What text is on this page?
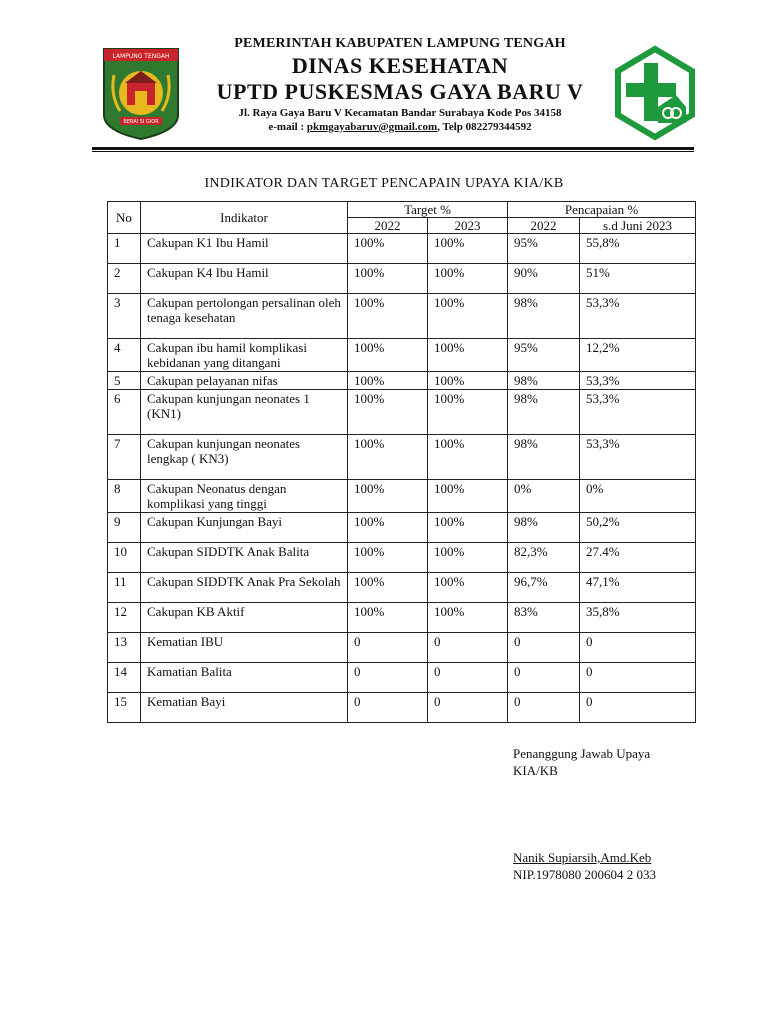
LAMPUNG TENGAH
BERAI SI GIOR
PEMERINTAH KABUPATEN LAMPUNG TENGAH
DINAS KESEHATAN
UPTD PUSKESMAS GAYA BARU V
Jl. Raya Gaya Baru V Kecamatan Bandar Surabaya Kode Pos 34158
e-mail : pkmgayabaruv@gmail.com, Telp 082279344592
INDIKATOR DAN TARGET PENCAPAIN UPAYA KIA/KB
No	Indikator	Target %		Pencapaian %	
		2022	2023	2022	s.d Juni 2023
1	Cakupan K1 Ibu Hamil	100%	100%	95%	55,8%
2	Cakupan K4 Ibu Hamil	100%	100%	90%	51%
3	Cakupan pertolongan persalinan oleh tenaga kesehatan	100%	100%	98%	53,3%
4	Cakupan ibu hamil komplikasi kebidanan yang ditangani	100%	100%	95%	12,2%
5	Cakupan pelayanan nifas	100%	100%	98%	53,3%
6	Cakupan kunjungan neonates 1 (KN1)	100%	100%	98%	53,3%
7	Cakupan kunjungan neonates lengkap ( KN3)	100%	100%	98%	53,3%
8	Cakupan Neonatus dengan komplikasi yang tinggi	100%	100%	0%	0%
9	Cakupan Kunjungan Bayi	100%	100%	98%	50,2%
10	Cakupan SIDDTK Anak Balita	100%	100%	82,3%	27.4%
11	Cakupan SIDDTK Anak Pra Sekolah	100%	100%	96,7%	47,1%
12	Cakupan KB Aktif	100%	100%	83%	35,8%
13	Kematian IBU	0	0	0	0
14	Kamatian Balita	0	0	0	0
15	Kematian Bayi	0	0	0	0
Penanggung Jawab Upaya
KIA/KB
Nanik Supiarsih,Amd.Keb
NIP.1978080 200604 2 033
